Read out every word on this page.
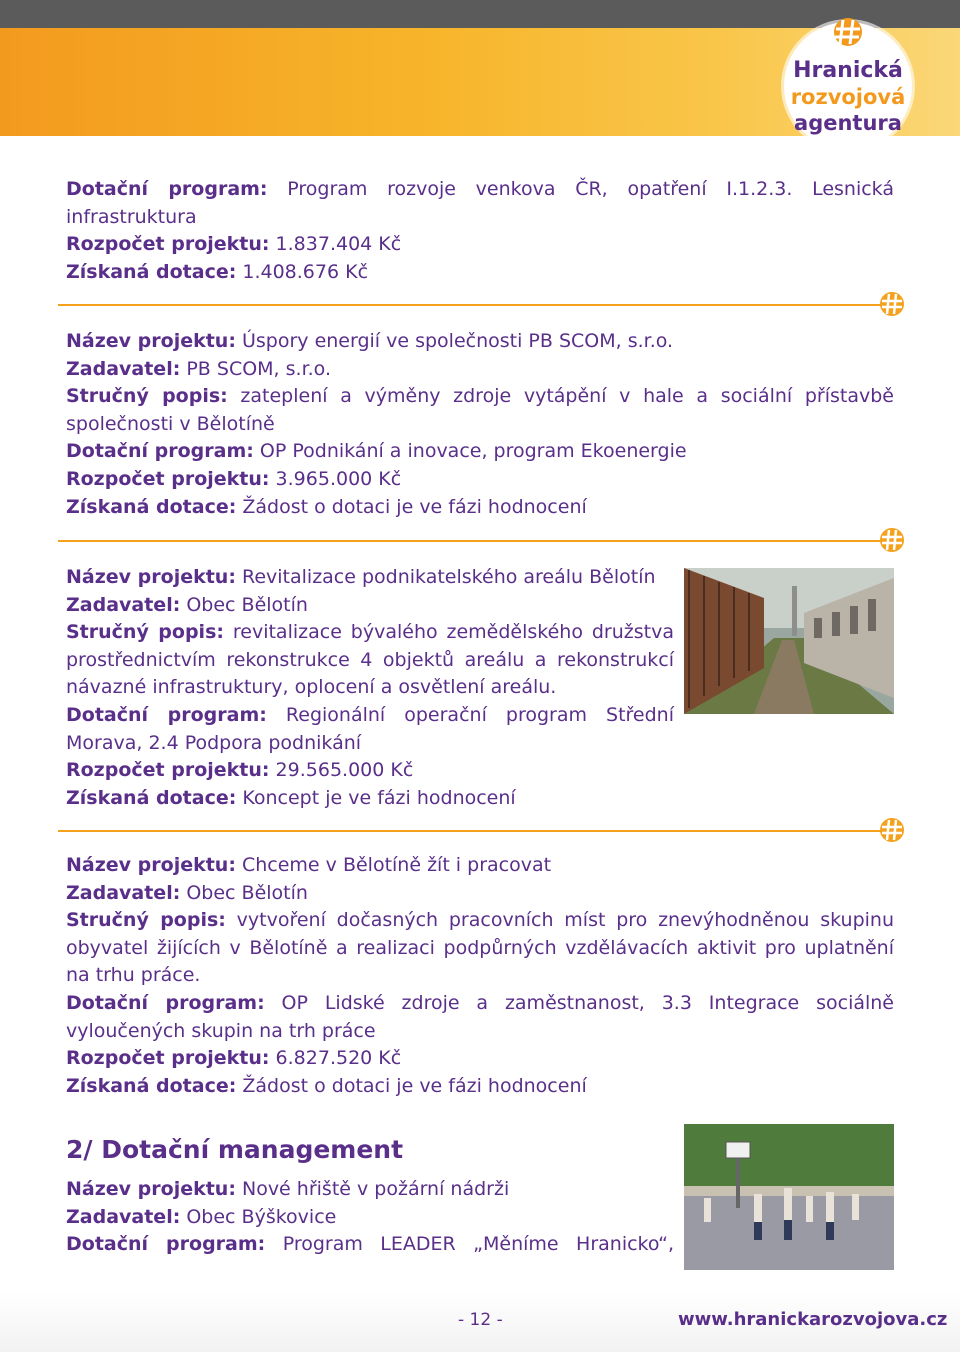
Hranická
rozvojová
agentura

Dotační program: Program rozvoje venkova ČR, opatření I.1.2.3. Lesnická infrastruktura

Rozpočet projektu: 1.837.404 Kč

Získaná dotace: 1.408.676 Kč

Název projektu: Úspory energií ve společnosti PB SCOM, s.r.o.

Zadavatel: PB SCOM, s.r.o.

Stručný popis: zateplení a výměny zdroje vytápění v hale a sociální přístavbě společnosti v Bělotíně

Dotační program: OP Podnikání a inovace, program Ekoenergie

Rozpočet projektu: 3.965.000 Kč

Získaná dotace: Žádost o dotaci je ve fázi hodnocení

Název projektu: Revitalizace podnikatelského areálu Bělotín

Zadavatel: Obec Bělotín

Stručný popis: revitalizace bývalého zemědělského družstva prostřednictvím rekonstrukce 4 objektů areálu a rekonstrukcí návazné infrastruktury, oplocení a osvětlení areálu.

Dotační program: Regionální operační program Střední Morava, 2.4 Podpora podnikání

Rozpočet projektu: 29.565.000 Kč

Získaná dotace: Koncept je ve fázi hodnocení

Název projektu: Chceme v Bělotíně žít i pracovat

Zadavatel: Obec Bělotín

Stručný popis: vytvoření dočasných pracovních míst pro znevýhodněnou skupinu obyvatel žijících v Bělotíně a realizaci podpůrných vzdělávacích aktivit pro uplatnění na trhu práce.

Dotační program: OP Lidské zdroje a zaměstnanost, 3.3 Integrace sociálně vyloučených skupin na trh práce

Rozpočet projektu: 6.827.520 Kč

Získaná dotace: Žádost o dotaci je ve fázi hodnocení

2/ Dotační management

Název projektu: Nové hřiště v požární nádrži

Zadavatel: Obec Býškovice

Dotační program: Program LEADER „Měníme Hranicko“,

- 12 -	www.hranickarozvojova.cz
